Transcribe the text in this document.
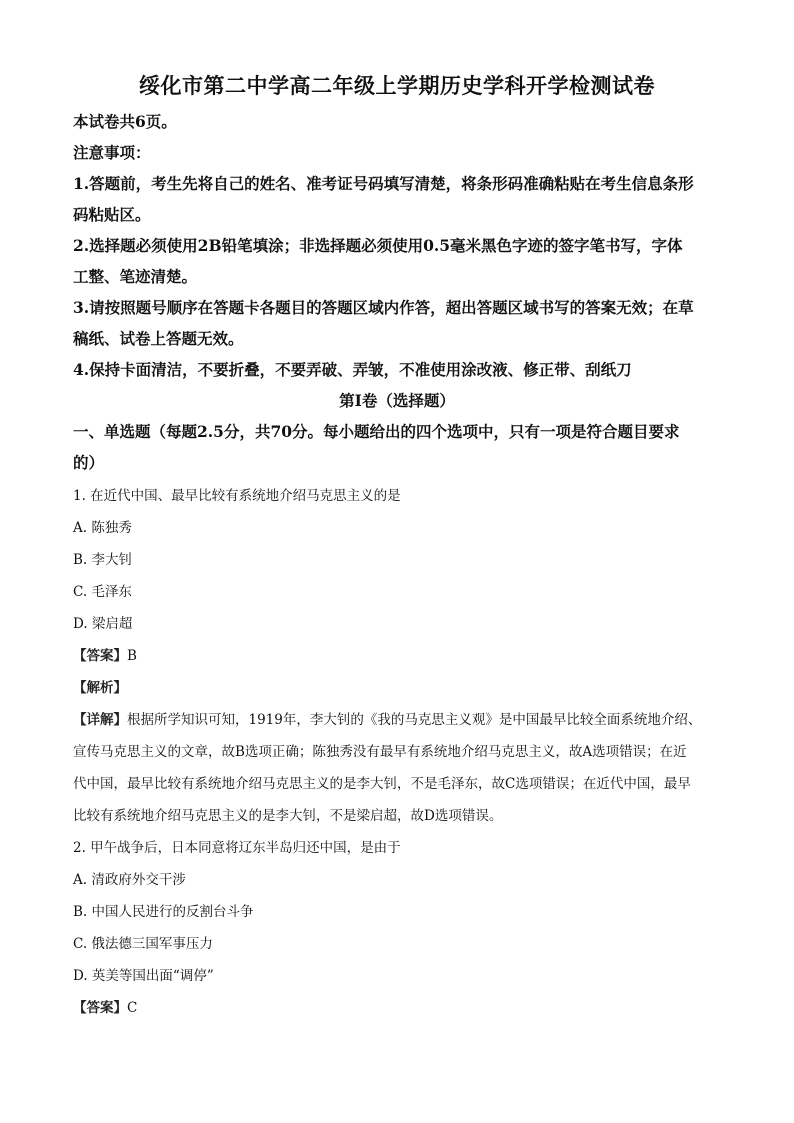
绥化市第二中学高二年级上学期历史学科开学检测试卷
本试卷共6页。
注意事项：
1.答题前，考生先将自己的姓名、准考证号码填写清楚，将条形码准确粘贴在考生信息条形
码粘贴区。
2.选择题必须使用2B铅笔填涂；非选择题必须使用0.5毫米黑色字迹的签字笔书写，字体
工整、笔迹清楚。
3.请按照题号顺序在答题卡各题目的答题区域内作答，超出答题区域书写的答案无效；在草
稿纸、试卷上答题无效。
4.保持卡面清洁，不要折叠，不要弄破、弄皱，不准使用涂改液、修正带、刮纸刀
第Ⅰ卷（选择题）
一、单选题（每题2.5分，共70分。每小题给出的四个选项中，只有一项是符合题目要求
的）
1. 在近代中国、最早比较有系统地介绍马克思主义的是
A. 陈独秀
B. 李大钊
C. 毛泽东
D. 梁启超
【答案】B
【解析】
【详解】根据所学知识可知，1919年，李大钊的《我的马克思主义观》是中国最早比较全面系统地介绍、
宣传马克思主义的文章，故B选项正确；陈独秀没有最早有系统地介绍马克思主义，故A选项错误；在近
代中国，最早比较有系统地介绍马克思主义的是李大钊，不是毛泽东，故C选项错误；在近代中国，最早
比较有系统地介绍马克思主义的是李大钊，不是梁启超，故D选项错误。
2. 甲午战争后，日本同意将辽东半岛归还中国，是由于
A. 清政府外交干涉
B. 中国人民进行的反割台斗争
C. 俄法德三国军事压力
D. 英美等国出面“调停”
【答案】C
